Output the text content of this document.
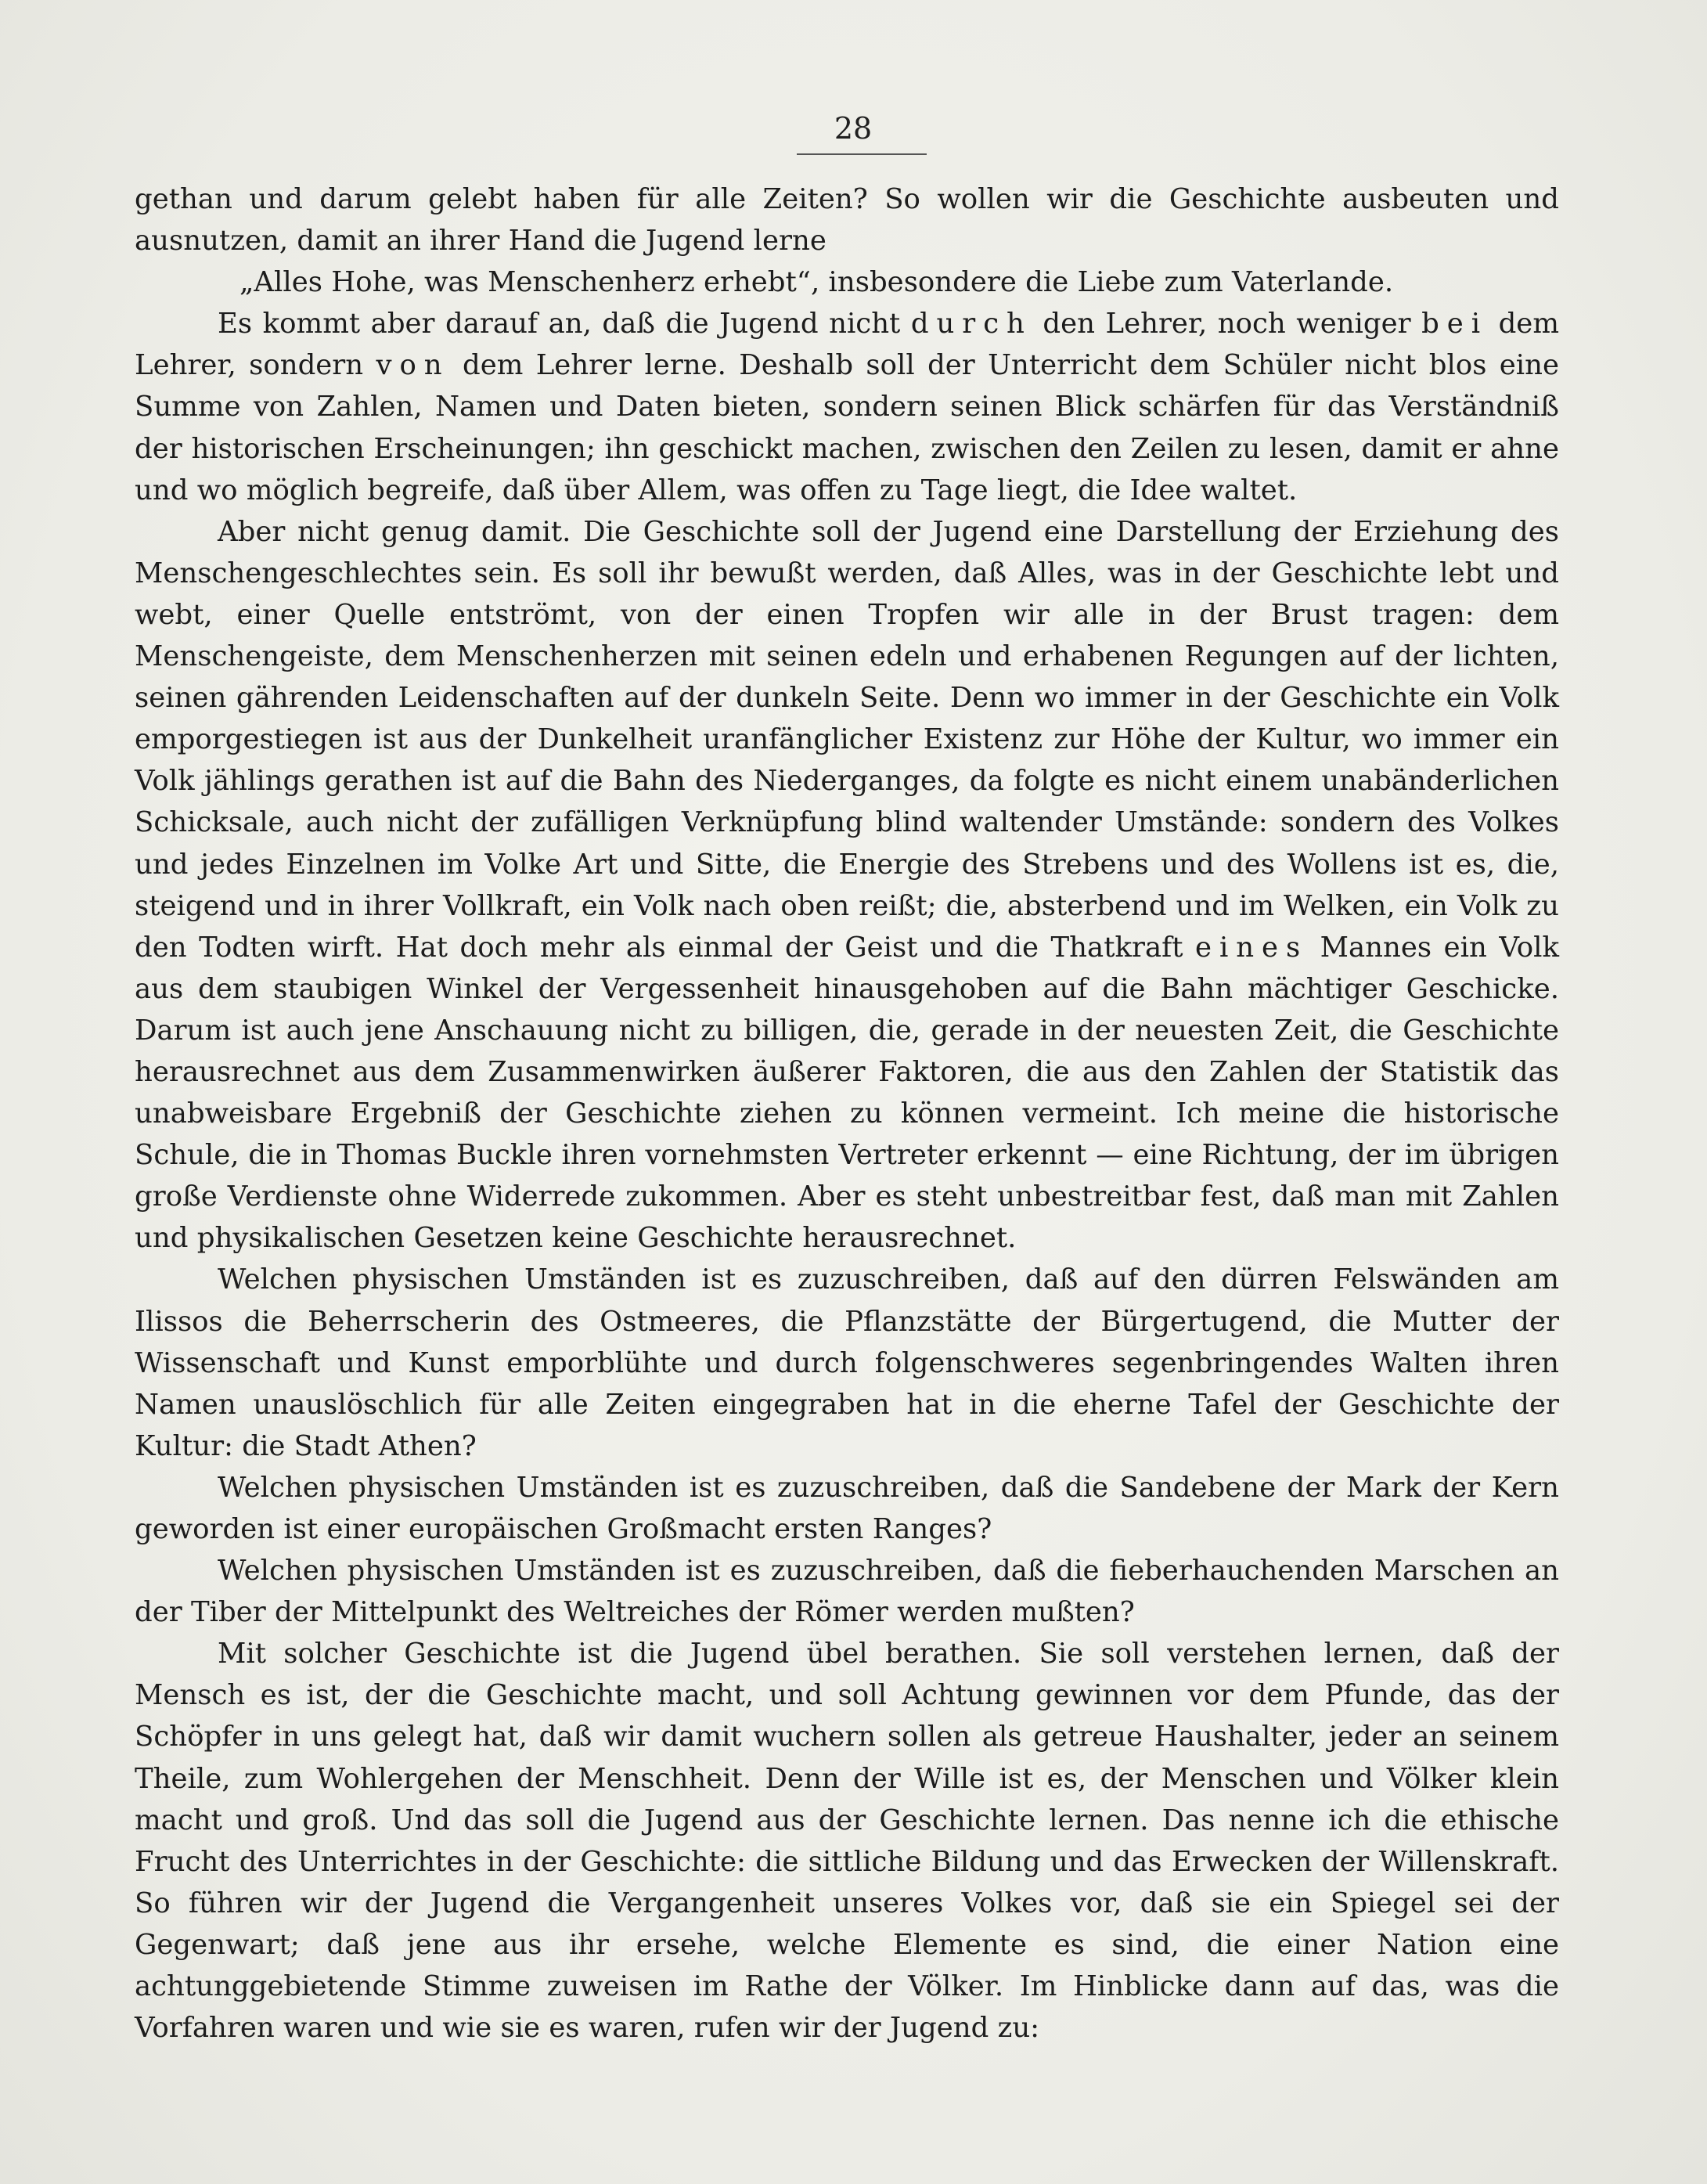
28

gethan und darum gelebt haben für alle Zeiten? So wollen wir die Geschichte ausbeuten und ausnutzen, damit an ihrer Hand die Jugend lerne

„Alles Hohe, was Menschenherz erhebt“, insbesondere die Liebe zum Vaterlande.

Es kommt aber darauf an, daß die Jugend nicht durch den Lehrer, noch weniger bei dem Lehrer, sondern von dem Lehrer lerne. Deshalb soll der Unterricht dem Schüler nicht blos eine Summe von Zahlen, Namen und Daten bieten, sondern seinen Blick schärfen für das Verständniß der historischen Erscheinungen; ihn geschickt machen, zwischen den Zeilen zu lesen, damit er ahne und wo möglich begreife, daß über Allem, was offen zu Tage liegt, die Idee waltet.

Aber nicht genug damit. Die Geschichte soll der Jugend eine Darstellung der Erziehung des Menschengeschlechtes sein. Es soll ihr bewußt werden, daß Alles, was in der Geschichte lebt und webt, einer Quelle entströmt, von der einen Tropfen wir alle in der Brust tragen: dem Menschengeiste, dem Menschenherzen mit seinen edeln und erhabenen Regungen auf der lichten, seinen gährenden Leidenschaften auf der dunkeln Seite. Denn wo immer in der Geschichte ein Volk emporgestiegen ist aus der Dunkelheit uranfänglicher Existenz zur Höhe der Kultur, wo immer ein Volk jählings gerathen ist auf die Bahn des Niederganges, da folgte es nicht einem unabänderlichen Schicksale, auch nicht der zufälligen Verknüpfung blind waltender Umstände: sondern des Volkes und jedes Einzelnen im Volke Art und Sitte, die Energie des Strebens und des Wollens ist es, die, steigend und in ihrer Vollkraft, ein Volk nach oben reißt; die, absterbend und im Welken, ein Volk zu den Todten wirft. Hat doch mehr als einmal der Geist und die Thatkraft eines Mannes ein Volk aus dem staubigen Winkel der Vergessenheit hinausgehoben auf die Bahn mächtiger Geschicke. Darum ist auch jene Anschauung nicht zu billigen, die, gerade in der neuesten Zeit, die Geschichte herausrechnet aus dem Zusammenwirken äußerer Faktoren, die aus den Zahlen der Statistik das unabweisbare Ergebniß der Geschichte ziehen zu können vermeint. Ich meine die historische Schule, die in Thomas Buckle ihren vornehmsten Vertreter erkennt — eine Richtung, der im übrigen große Verdienste ohne Widerrede zukommen. Aber es steht unbestreitbar fest, daß man mit Zahlen und physikalischen Gesetzen keine Geschichte herausrechnet.

Welchen physischen Umständen ist es zuzuschreiben, daß auf den dürren Felswänden am Ilissos die Beherrscherin des Ostmeeres, die Pflanzstätte der Bürgertugend, die Mutter der Wissenschaft und Kunst emporblühte und durch folgenschweres segenbringendes Walten ihren Namen unauslöschlich für alle Zeiten eingegraben hat in die eherne Tafel der Geschichte der Kultur: die Stadt Athen?

Welchen physischen Umständen ist es zuzuschreiben, daß die Sandebene der Mark der Kern geworden ist einer europäischen Großmacht ersten Ranges?

Welchen physischen Umständen ist es zuzuschreiben, daß die fieberhauchenden Marschen an der Tiber der Mittelpunkt des Weltreiches der Römer werden mußten?

Mit solcher Geschichte ist die Jugend übel berathen. Sie soll verstehen lernen, daß der Mensch es ist, der die Geschichte macht, und soll Achtung gewinnen vor dem Pfunde, das der Schöpfer in uns gelegt hat, daß wir damit wuchern sollen als getreue Haushalter, jeder an seinem Theile, zum Wohlergehen der Menschheit. Denn der Wille ist es, der Menschen und Völker klein macht und groß. Und das soll die Jugend aus der Geschichte lernen. Das nenne ich die ethische Frucht des Unterrichtes in der Geschichte: die sittliche Bildung und das Erwecken der Willenskraft. So führen wir der Jugend die Vergangenheit unseres Volkes vor, daß sie ein Spiegel sei der Gegenwart; daß jene aus ihr ersehe, welche Elemente es sind, die einer Nation eine achtunggebietende Stimme zuweisen im Rathe der Völker. Im Hinblicke dann auf das, was die Vorfahren waren und wie sie es waren, rufen wir der Jugend zu:
